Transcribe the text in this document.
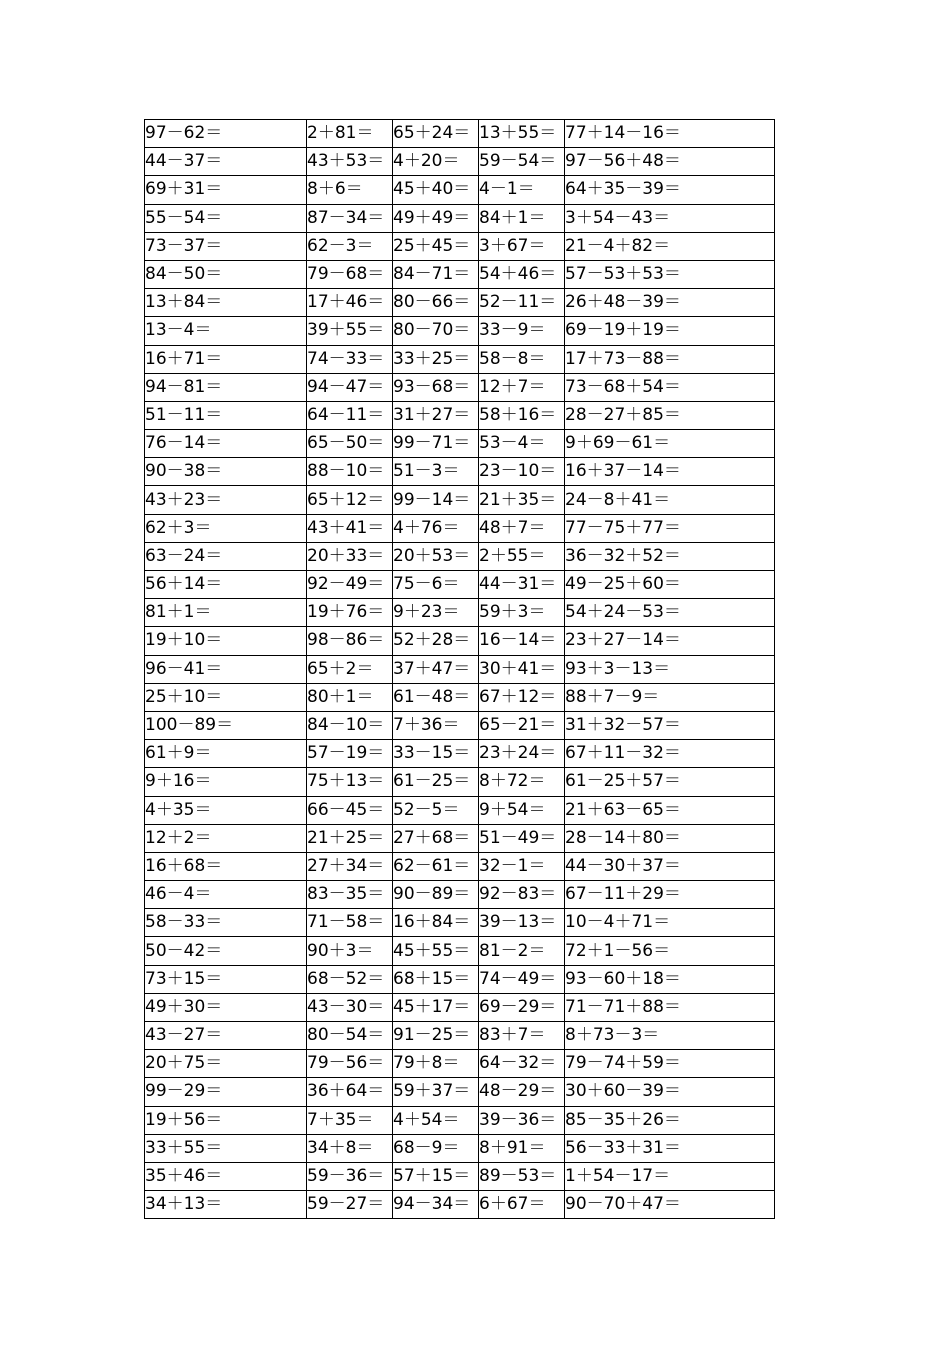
97－62＝	2＋81＝	65＋24＝	13＋55＝	77＋14－16＝
44－37＝	43＋53＝	4＋20＝	59－54＝	97－56＋48＝
69＋31＝	8＋6＝	45＋40＝	4－1＝	64＋35－39＝
55－54＝	87－34＝	49＋49＝	84＋1＝	3＋54－43＝
73－37＝	62－3＝	25＋45＝	3＋67＝	21－4＋82＝
84－50＝	79－68＝	84－71＝	54＋46＝	57－53＋53＝
13＋84＝	17＋46＝	80－66＝	52－11＝	26＋48－39＝
13－4＝	39＋55＝	80－70＝	33－9＝	69－19＋19＝
16＋71＝	74－33＝	33＋25＝	58－8＝	17＋73－88＝
94－81＝	94－47＝	93－68＝	12＋7＝	73－68＋54＝
51－11＝	64－11＝	31＋27＝	58＋16＝	28－27＋85＝
76－14＝	65－50＝	99－71＝	53－4＝	9＋69－61＝
90－38＝	88－10＝	51－3＝	23－10＝	16＋37－14＝
43＋23＝	65＋12＝	99－14＝	21＋35＝	24－8＋41＝
62＋3＝	43＋41＝	4＋76＝	48＋7＝	77－75＋77＝
63－24＝	20＋33＝	20＋53＝	2＋55＝	36－32＋52＝
56＋14＝	92－49＝	75－6＝	44－31＝	49－25＋60＝
81＋1＝	19＋76＝	9＋23＝	59＋3＝	54＋24－53＝
19＋10＝	98－86＝	52＋28＝	16－14＝	23＋27－14＝
96－41＝	65＋2＝	37＋47＝	30＋41＝	93＋3－13＝
25＋10＝	80＋1＝	61－48＝	67＋12＝	88＋7－9＝
100－89＝	84－10＝	7＋36＝	65－21＝	31＋32－57＝
61＋9＝	57－19＝	33－15＝	23＋24＝	67＋11－32＝
9＋16＝	75＋13＝	61－25＝	8＋72＝	61－25＋57＝
4＋35＝	66－45＝	52－5＝	9＋54＝	21＋63－65＝
12＋2＝	21＋25＝	27＋68＝	51－49＝	28－14＋80＝
16＋68＝	27＋34＝	62－61＝	32－1＝	44－30＋37＝
46－4＝	83－35＝	90－89＝	92－83＝	67－11＋29＝
58－33＝	71－58＝	16＋84＝	39－13＝	10－4＋71＝
50－42＝	90＋3＝	45＋55＝	81－2＝	72＋1－56＝
73＋15＝	68－52＝	68＋15＝	74－49＝	93－60＋18＝
49＋30＝	43－30＝	45＋17＝	69－29＝	71－71＋88＝
43－27＝	80－54＝	91－25＝	83＋7＝	8＋73－3＝
20＋75＝	79－56＝	79＋8＝	64－32＝	79－74＋59＝
99－29＝	36＋64＝	59＋37＝	48－29＝	30＋60－39＝
19＋56＝	7＋35＝	4＋54＝	39－36＝	85－35＋26＝
33＋55＝	34＋8＝	68－9＝	8＋91＝	56－33＋31＝
35＋46＝	59－36＝	57＋15＝	89－53＝	1＋54－17＝
34＋13＝	59－27＝	94－34＝	6＋67＝	90－70＋47＝
